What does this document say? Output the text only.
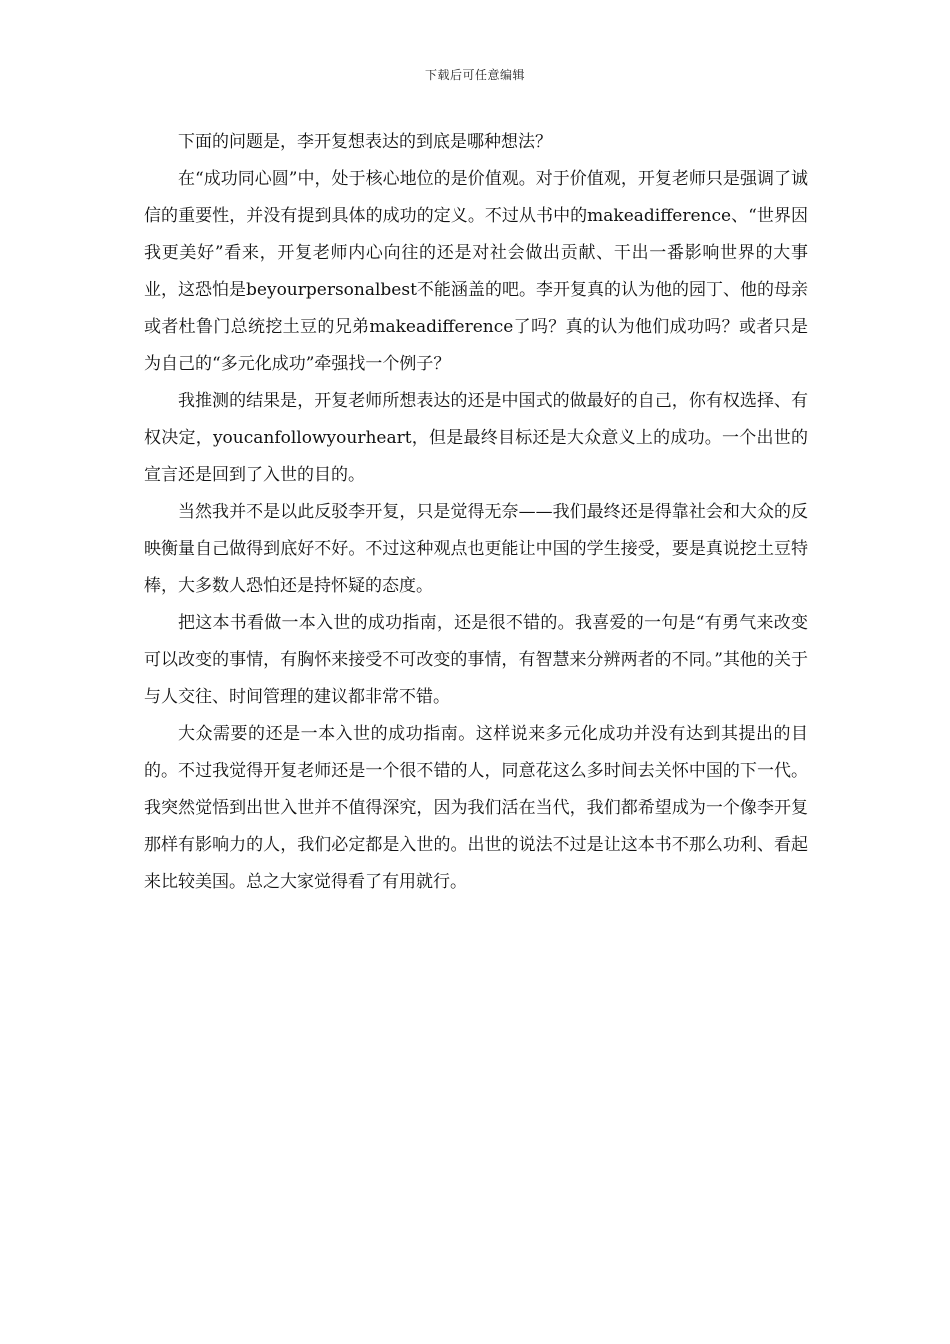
下载后可任意编辑

下面的问题是，李开复想表达的到底是哪种想法？

在“成功同心圆”中，处于核心地位的是价值观。对于价值观，开复老师只是强调了诚信的重要性，并没有提到具体的成功的定义。不过从书中的makeadifference、“世界因我更美好”看来，开复老师内心向往的还是对社会做出贡献、干出一番影响世界的大事业，这恐怕是beyourpersonalbest不能涵盖的吧。李开复真的认为他的园丁、他的母亲或者杜鲁门总统挖土豆的兄弟makeadifference了吗？真的认为他们成功吗？或者只是为自己的“多元化成功”牵强找一个例子？

我推测的结果是，开复老师所想表达的还是中国式的做最好的自己，你有权选择、有权决定，youcanfollowyourheart，但是最终目标还是大众意义上的成功。一个出世的宣言还是回到了入世的目的。

当然我并不是以此反驳李开复，只是觉得无奈——我们最终还是得靠社会和大众的反映衡量自己做得到底好不好。不过这种观点也更能让中国的学生接受，要是真说挖土豆特棒，大多数人恐怕还是持怀疑的态度。

把这本书看做一本入世的成功指南，还是很不错的。我喜爱的一句是“有勇气来改变可以改变的事情，有胸怀来接受不可改变的事情，有智慧来分辨两者的不同。”其他的关于与人交往、时间管理的建议都非常不错。

大众需要的还是一本入世的成功指南。这样说来多元化成功并没有达到其提出的目的。不过我觉得开复老师还是一个很不错的人，同意花这么多时间去关怀中国的下一代。我突然觉悟到出世入世并不值得深究，因为我们活在当代，我们都希望成为一个像李开复那样有影响力的人，我们必定都是入世的。出世的说法不过是让这本书不那么功利、看起来比较美国。总之大家觉得看了有用就行。
